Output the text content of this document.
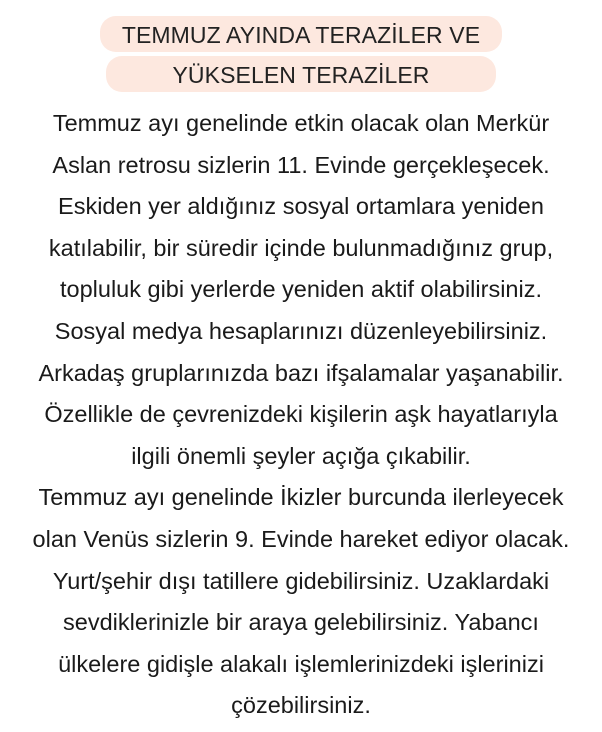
TEMMUZ AYINDA TERAZİLER VE
YÜKSELEN TERAZİLER
Temmuz ayı genelinde etkin olacak olan Merkür
Aslan retrosu sizlerin 11. Evinde gerçekleşecek.
Eskiden yer aldığınız sosyal ortamlara yeniden
katılabilir, bir süredir içinde bulunmadığınız grup,
topluluk gibi yerlerde yeniden aktif olabilirsiniz.
Sosyal medya hesaplarınızı düzenleyebilirsiniz.
Arkadaş gruplarınızda bazı ifşalamalar yaşanabilir.
Özellikle de çevrenizdeki kişilerin aşk hayatlarıyla
ilgili önemli şeyler açığa çıkabilir.
Temmuz ayı genelinde İkizler burcunda ilerleyecek
olan Venüs sizlerin 9. Evinde hareket ediyor olacak.
Yurt/şehir dışı tatillere gidebilirsiniz. Uzaklardaki
sevdiklerinizle bir araya gelebilirsiniz. Yabancı
ülkelere gidişle alakalı işlemlerinizdeki işlerinizi
çözebilirsiniz.
